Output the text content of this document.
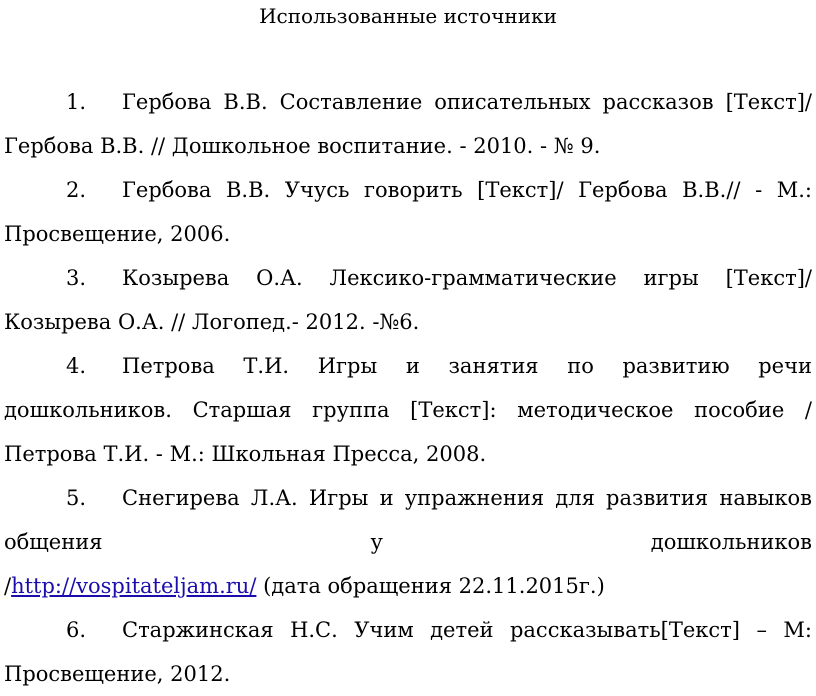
Использованные источники

1. Гербова В.В. Составление описательных рассказов [Текст]/ Гербова В.В. // Дошкольное воспитание. - 2010. - № 9.

2. Гербова В.В. Учусь говорить [Текст]/ Гербова В.В.// - М.: Просвещение, 2006.

3. Козырева О.А. Лексико-грамматические игры [Текст]/ Козырева О.А. // Логопед.- 2012. -№6.

4. Петрова Т.И. Игры и занятия по развитию речи дошкольников. Старшая группа [Текст]: методическое пособие / Петрова Т.И. - М.: Школьная Пресса, 2008.

5. Снегирева Л.А. Игры и упражнения для развития навыков общения у дошкольников

/http://vospitateljam.ru/ (дата обращения 22.11.2015г.)

6. Старжинская Н.С. Учим детей рассказывать[Текст] – М: Просвещение, 2012.
